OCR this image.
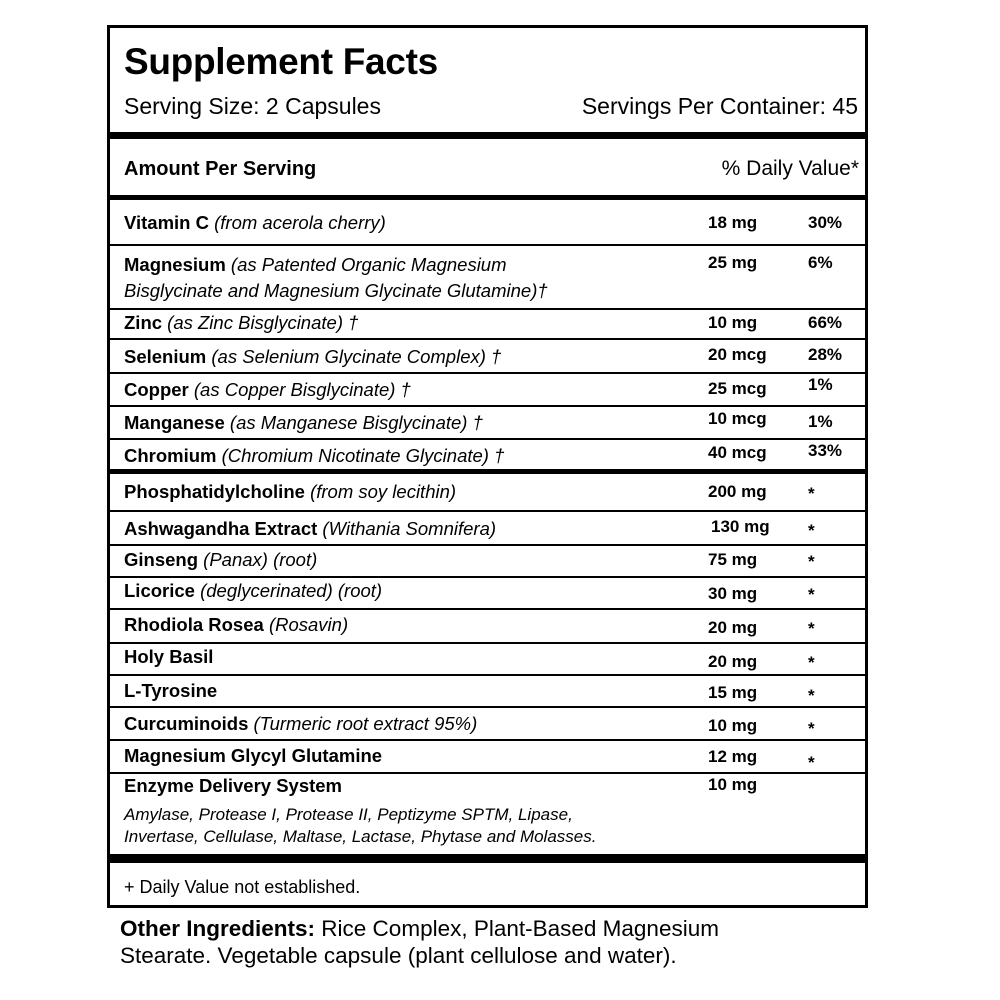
Supplement Facts
Serving Size: 2 Capsules	Servings Per Container: 45
Amount Per Serving	% Daily Value*
Vitamin C (from acerola cherry)	18 mg	30%
Magnesium (as Patented Organic Magnesium
Bisglycinate and Magnesium Glycinate Glutamine)†
25 mg	6%
Zinc (as Zinc Bisglycinate) †	10 mg	66%
Selenium (as Selenium Glycinate Complex) †	20 mcg 28%
Copper (as Copper Bisglycinate) †	25 mcg 1%
Manganese (as Manganese Bisglycinate) †	10 mcg 1%
Chromium (Chromium Nicotinate Glycinate) †	40 mcg 33%
Phosphatidylcholine (from soy lecithin)	200 mg *
Ashwagandha Extract (Withania Somnifera)	130 mg *
Ginseng (Panax) (root)	75 mg	*
Licorice (deglycerinated) (root)	30 mg	*
Rhodiola Rosea (Rosavin)	20 mg	*
Holy Basil	20 mg	*
L-Tyrosine	15 mg	*
Curcuminoids (Turmeric root extract 95%)	10 mg	*
Magnesium Glycyl Glutamine	12 mg	*
Enzyme Delivery System	10 mg
Amylase, Protease I, Protease II, Peptizyme SPTM, Lipase,
Invertase, Cellulase, Maltase, Lactase, Phytase and Molasses.
+ Daily Value not established.
Other Ingredients: Rice Complex, Plant-Based Magnesium
Stearate. Vegetable capsule (plant cellulose and water).
